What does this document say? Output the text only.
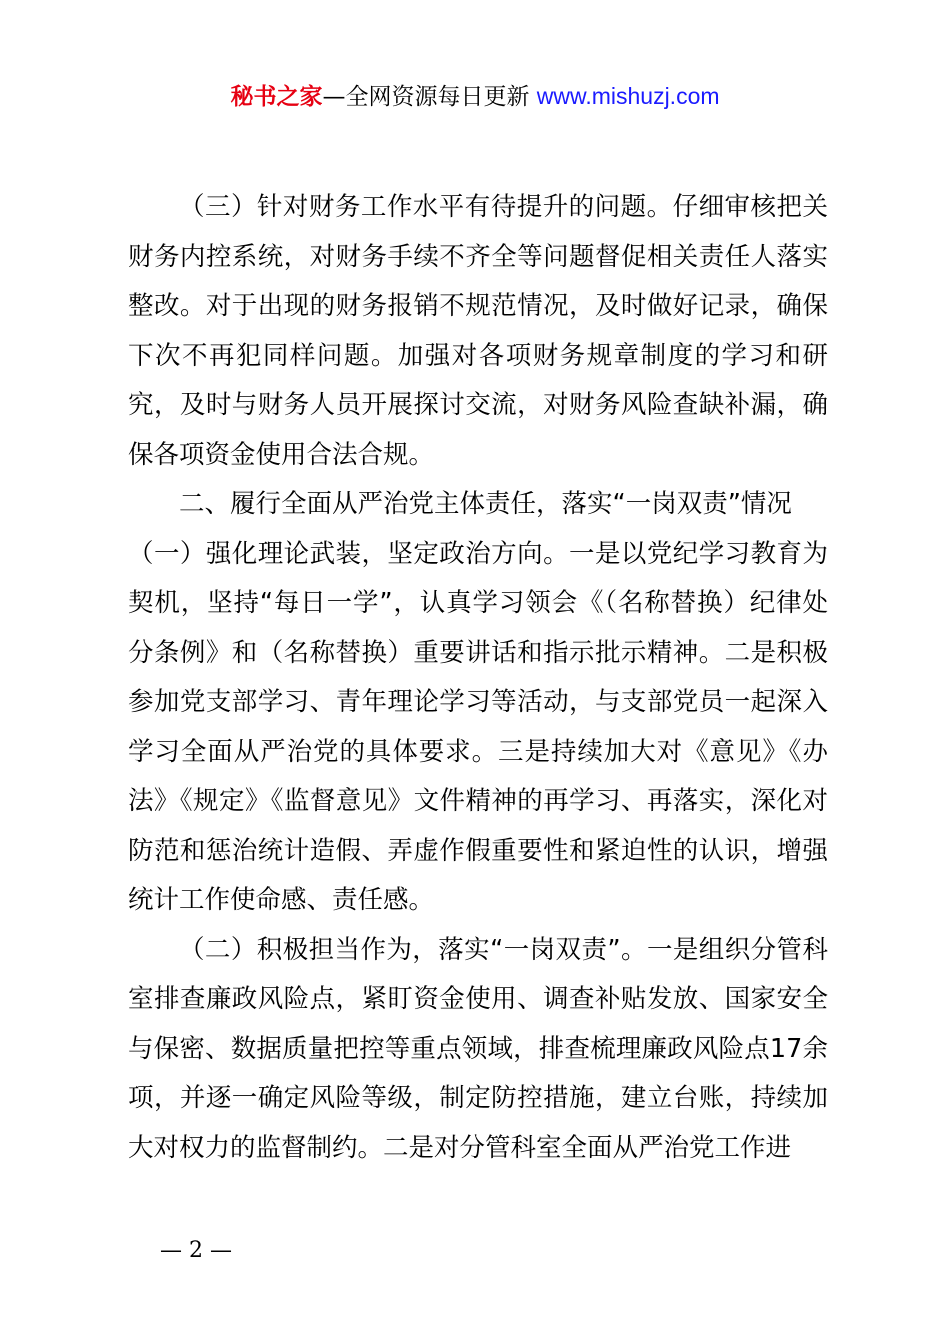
秘书之家—全网资源每日更新 www.mishuzj.com

（三）针对财务工作水平有待提升的问题。仔细审核把关财务内控系统，对财务手续不齐全等问题督促相关责任人落实整改。对于出现的财务报销不规范情况，及时做好记录，确保下次不再犯同样问题。加强对各项财务规章制度的学习和研究，及时与财务人员开展探讨交流，对财务风险查缺补漏，确保各项资金使用合法合规。

二、履行全面从严治党主体责任，落实“一岗双责”情况

（一）强化理论武装，坚定政治方向。一是以党纪学习教育为契机，坚持“每日一学”，认真学习领会《（名称替换）纪律处分条例》和（名称替换）重要讲话和指示批示精神。二是积极参加党支部学习、青年理论学习等活动，与支部党员一起深入学习全面从严治党的具体要求。三是持续加大对《意见》《办法》《规定》《监督意见》文件精神的再学习、再落实，深化对防范和惩治统计造假、弄虚作假重要性和紧迫性的认识，增强统计工作使命感、责任感。

（二）积极担当作为，落实“一岗双责”。一是组织分管科室排查廉政风险点，紧盯资金使用、调查补贴发放、国家安全与保密、数据质量把控等重点领域，排查梳理廉政风险点17余项，并逐一确定风险等级，制定防控措施，建立台账，持续加大对权力的监督制约。二是对分管科室全面从严治党工作进

— 2 —
